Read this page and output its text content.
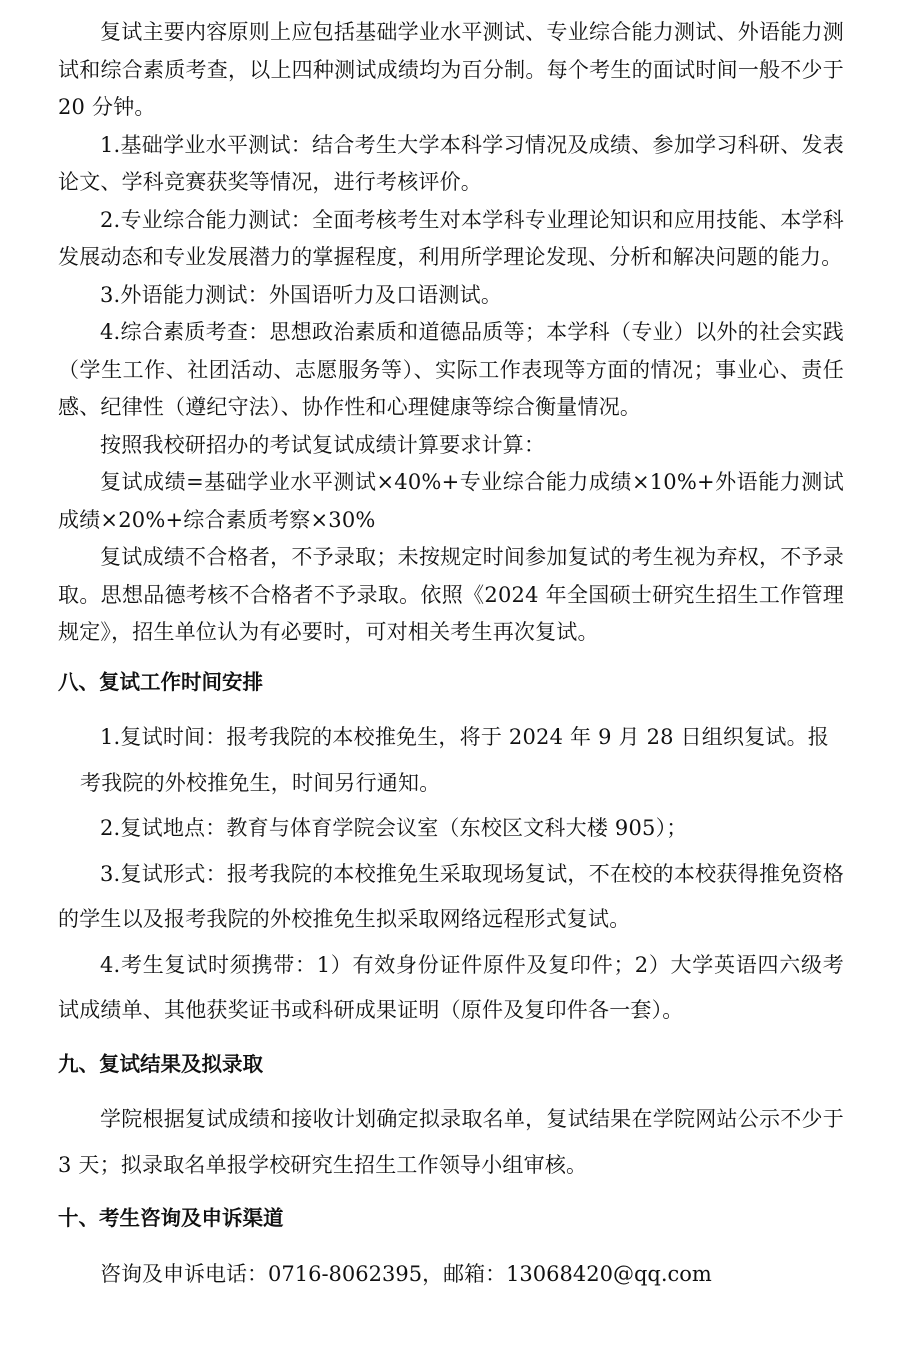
复试主要内容原则上应包括基础学业水平测试、专业综合能力测试、外语能力测试和综合素质考查，以上四种测试成绩均为百分制。每个考生的面试时间一般不少于 20 分钟。

1.基础学业水平测试：结合考生大学本科学习情况及成绩、参加学习科研、发表论文、学科竞赛获奖等情况，进行考核评价。

2.专业综合能力测试：全面考核考生对本学科专业理论知识和应用技能、本学科发展动态和专业发展潜力的掌握程度，利用所学理论发现、分析和解决问题的能力。

3.外语能力测试：外国语听力及口语测试。

4.综合素质考查：思想政治素质和道德品质等；本学科（专业）以外的社会实践（学生工作、社团活动、志愿服务等）、实际工作表现等方面的情况；事业心、责任感、纪律性（遵纪守法）、协作性和心理健康等综合衡量情况。

按照我校研招办的考试复试成绩计算要求计算：

复试成绩=基础学业水平测试×40%+专业综合能力成绩×10%+外语能力测试成绩×20%+综合素质考察×30%

复试成绩不合格者，不予录取；未按规定时间参加复试的考生视为弃权，不予录取。思想品德考核不合格者不予录取。依照《2024 年全国硕士研究生招生工作管理规定》，招生单位认为有必要时，可对相关考生再次复试。

八、复试工作时间安排

1.复试时间：报考我院的本校推免生，将于 2024 年 9 月 28 日组织复试。报

考我院的外校推免生，时间另行通知。

2.复试地点：教育与体育学院会议室（东校区文科大楼 905）；

3.复试形式：报考我院的本校推免生采取现场复试，不在校的本校获得推免资格的学生以及报考我院的外校推免生拟采取网络远程形式复试。

4.考生复试时须携带：1）有效身份证件原件及复印件；2）大学英语四六级考试成绩单、其他获奖证书或科研成果证明（原件及复印件各一套）。

九、复试结果及拟录取

学院根据复试成绩和接收计划确定拟录取名单，复试结果在学院网站公示不少于 3 天；拟录取名单报学校研究生招生工作领导小组审核。

十、考生咨询及申诉渠道
咨询及申诉电话：0716-8062395，邮箱：13068420@qq.com
